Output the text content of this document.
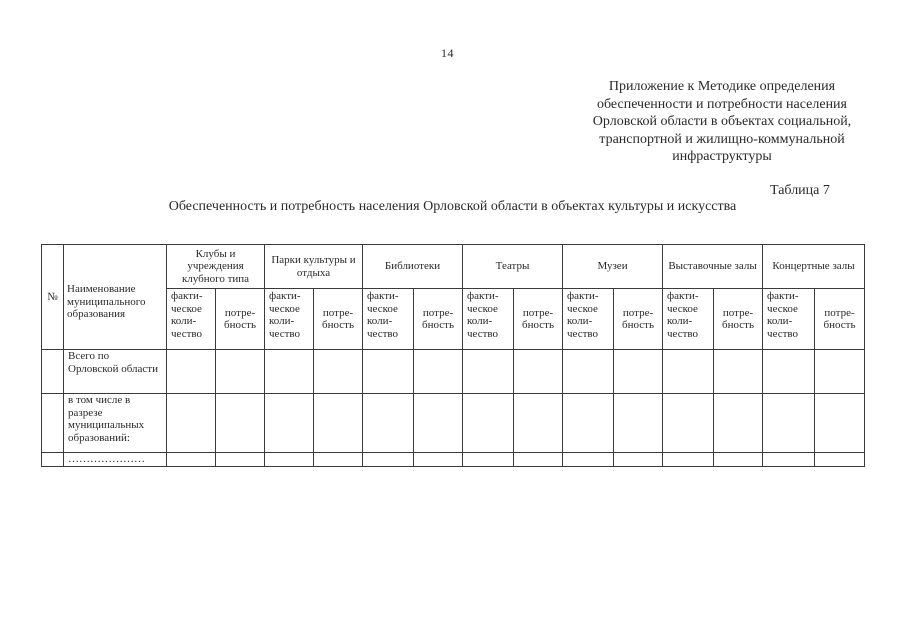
14
Приложение к Методике определения
обеспеченности и потребности населения
Орловской области в объектах социальной,
транспортной и жилищно-коммунальной
инфраструктуры
Таблица 7
Обеспеченность и потребность населения Орловской области в объектах культуры и искусства
№	Наименование муниципального образования	Клубы и учреждения клубного типа		Парки культуры и отдыха		Библиотеки		Театры		Музеи		Выставочные залы		Концертные залы	
		факти-ческое коли-чество	потре-бность	факти-ческое коли-чество	потре-бность	факти-ческое коли-чество	потре-бность	факти-ческое коли-чество	потре-бность	факти-ческое коли-чество	потре-бность	факти-ческое коли-чество	потре-бность	факти-ческое коли-чество	потре-бность
	Всего по Орловской области														
	в том числе в разрезе муниципальных образований:														
	…………………														
